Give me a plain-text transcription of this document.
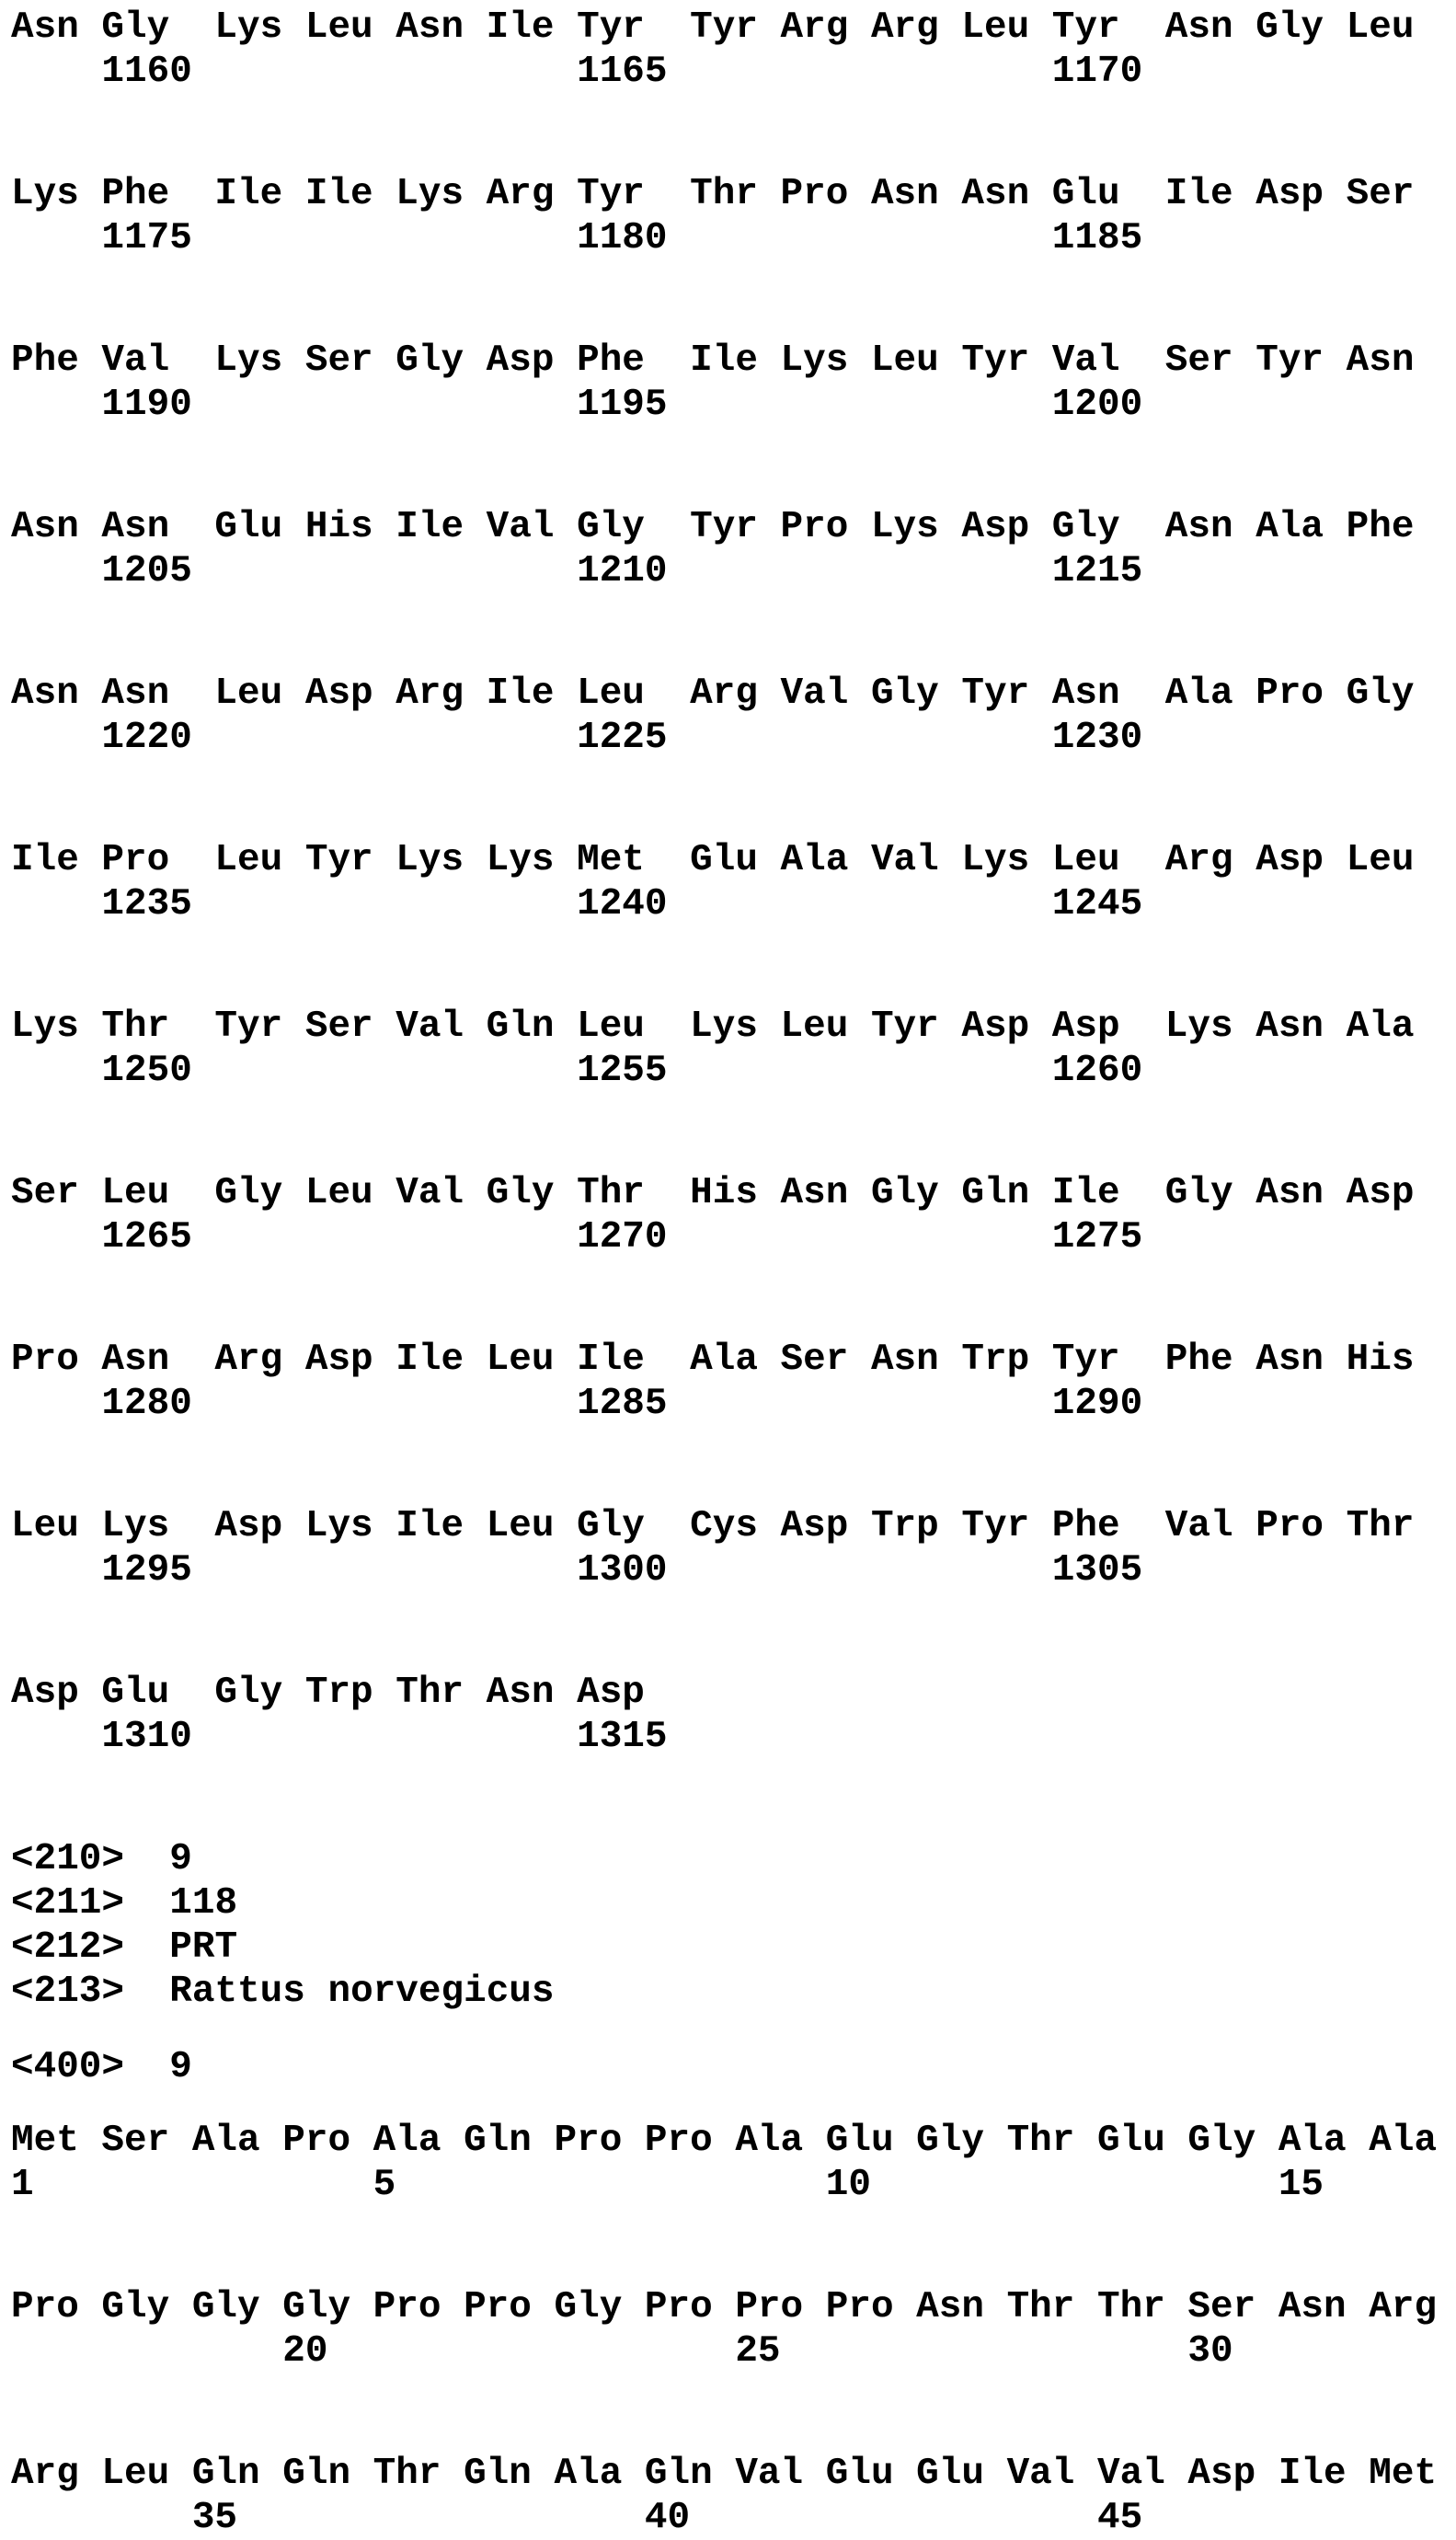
Asn Gly  Lys Leu Asn Ile Tyr  Tyr Arg Arg Leu Tyr  Asn Gly Leu
1160                 1165                 1170
Lys Phe  Ile Ile Lys Arg Tyr  Thr Pro Asn Asn Glu  Ile Asp Ser
1175                 1180                 1185
Phe Val  Lys Ser Gly Asp Phe  Ile Lys Leu Tyr Val  Ser Tyr Asn
1190                 1195                 1200
Asn Asn  Glu His Ile Val Gly  Tyr Pro Lys Asp Gly  Asn Ala Phe
1205                 1210                 1215
Asn Asn  Leu Asp Arg Ile Leu  Arg Val Gly Tyr Asn  Ala Pro Gly
1220                 1225                 1230
Ile Pro  Leu Tyr Lys Lys Met  Glu Ala Val Lys Leu  Arg Asp Leu
1235                 1240                 1245
Lys Thr  Tyr Ser Val Gln Leu  Lys Leu Tyr Asp Asp  Lys Asn Ala
1250                 1255                 1260
Ser Leu  Gly Leu Val Gly Thr  His Asn Gly Gln Ile  Gly Asn Asp
1265                 1270                 1275
Pro Asn  Arg Asp Ile Leu Ile  Ala Ser Asn Trp Tyr  Phe Asn His
1280                 1285                 1290
Leu Lys  Asp Lys Ile Leu Gly  Cys Asp Trp Tyr Phe  Val Pro Thr
1295                 1300                 1305
Asp Glu  Gly Trp Thr Asn Asp
1310                 1315
<210> 9
<211> 118
<212> PRT
<213> Rattus norvegicus
<400> 9
Met Ser Ala Pro Ala Gln Pro Pro Ala Glu Gly Thr Glu Gly Ala Ala
1               5                   10                  15
Pro Gly Gly Gly Pro Pro Gly Pro Pro Pro Asn Thr Thr Ser Asn Arg
20                  25                  30
Arg Leu Gln Gln Thr Gln Ala Gln Val Glu Glu Val Val Asp Ile Met
35                  40                  45
